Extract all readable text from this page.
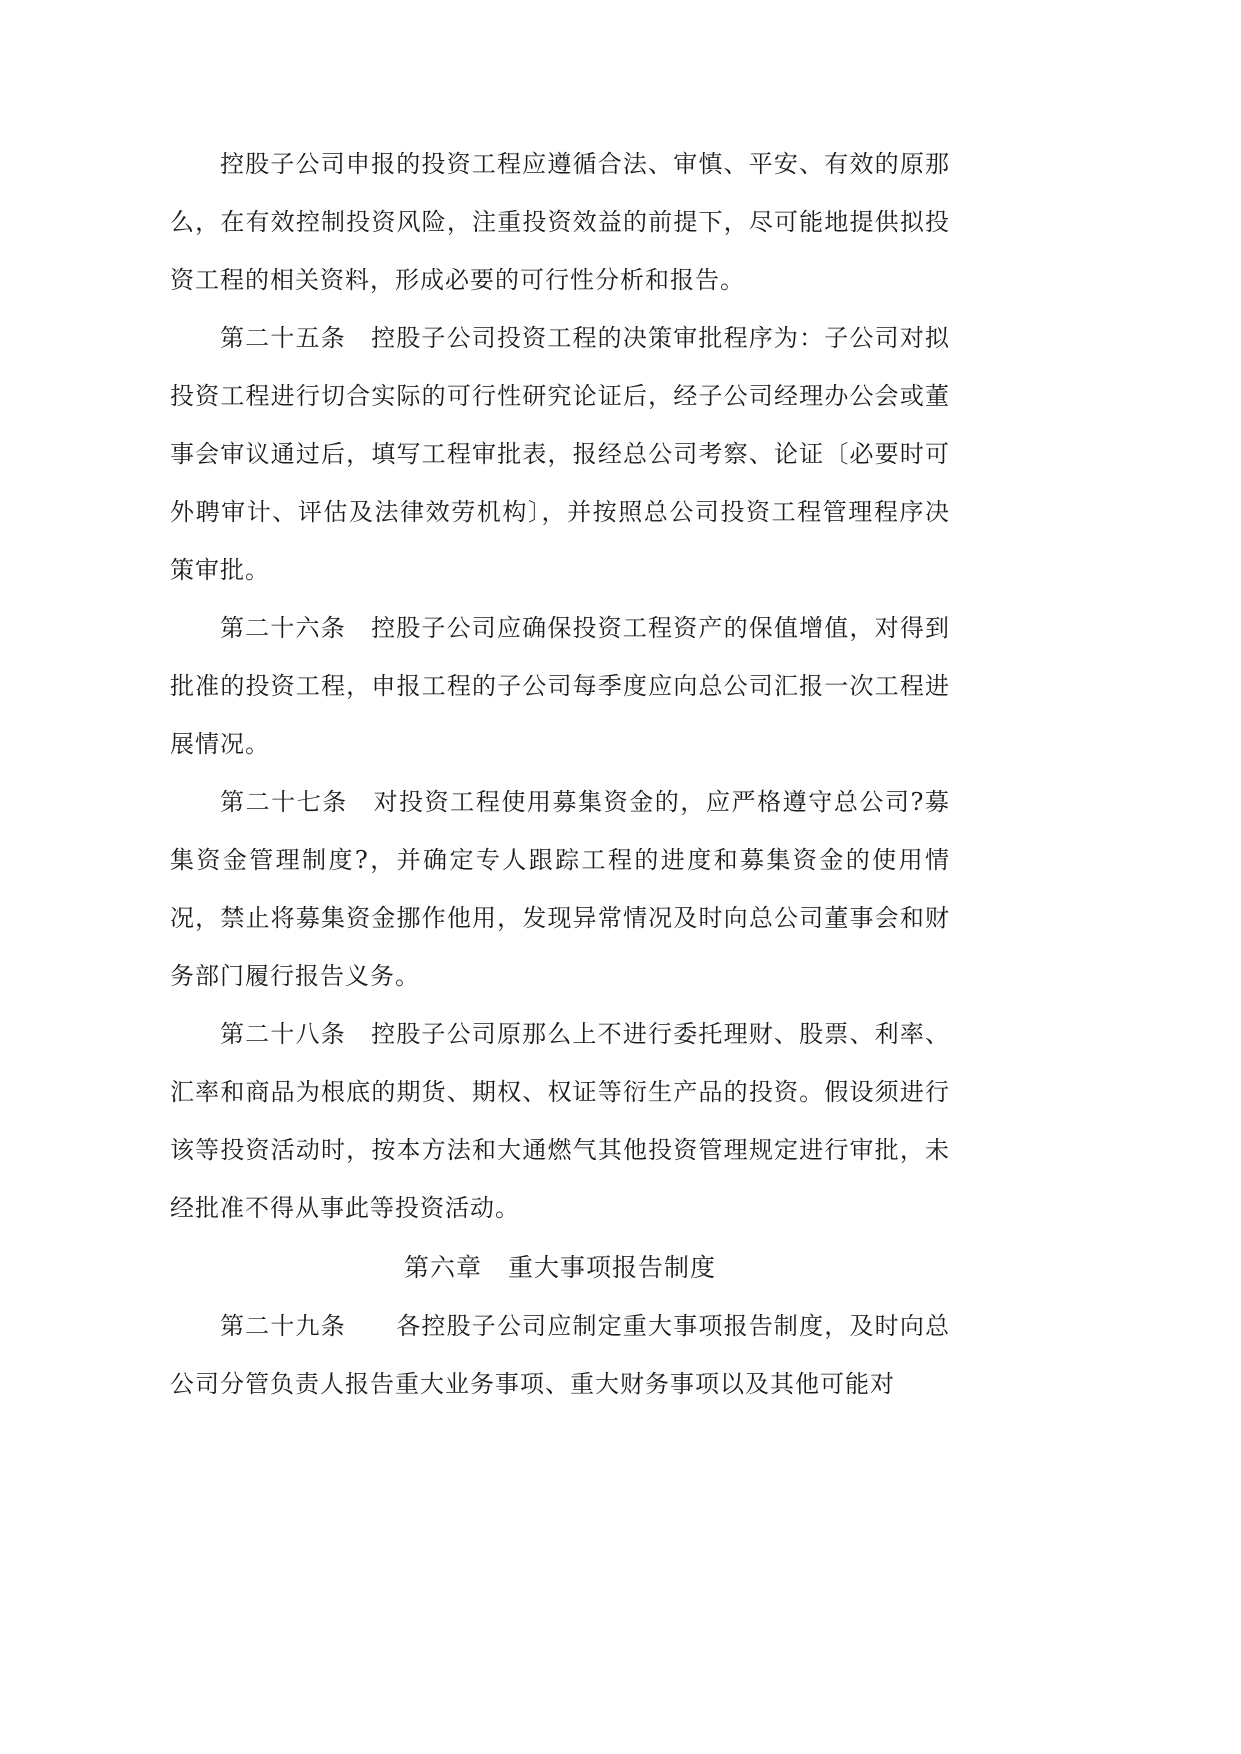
控股子公司申报的投资工程应遵循合法、审慎、平安、有效的原那么，在有效控制投资风险，注重投资效益的前提下，尽可能地提供拟投资工程的相关资料，形成必要的可行性分析和报告。

第二十五条　控股子公司投资工程的决策审批程序为：子公司对拟投资工程进行切合实际的可行性研究论证后，经子公司经理办公会或董事会审议通过后，填写工程审批表，报经总公司考察、论证〔必要时可外聘审计、评估及法律效劳机构〕，并按照总公司投资工程管理程序决策审批。

第二十六条　控股子公司应确保投资工程资产的保值增值，对得到批准的投资工程，申报工程的子公司每季度应向总公司汇报一次工程进展情况。

第二十七条　对投资工程使用募集资金的，应严格遵守总公司?募集资金管理制度?，并确定专人跟踪工程的进度和募集资金的使用情况，禁止将募集资金挪作他用，发现异常情况及时向总公司董事会和财务部门履行报告义务。

第二十八条　控股子公司原那么上不进行委托理财、股票、利率、汇率和商品为根底的期货、期权、权证等衍生产品的投资。假设须进行该等投资活动时，按本方法和大通燃气其他投资管理规定进行审批，未经批准不得从事此等投资活动。

第六章　重大事项报告制度

第二十九条　　各控股子公司应制定重大事项报告制度，及时向总公司分管负责人报告重大业务事项、重大财务事项以及其他可能对
